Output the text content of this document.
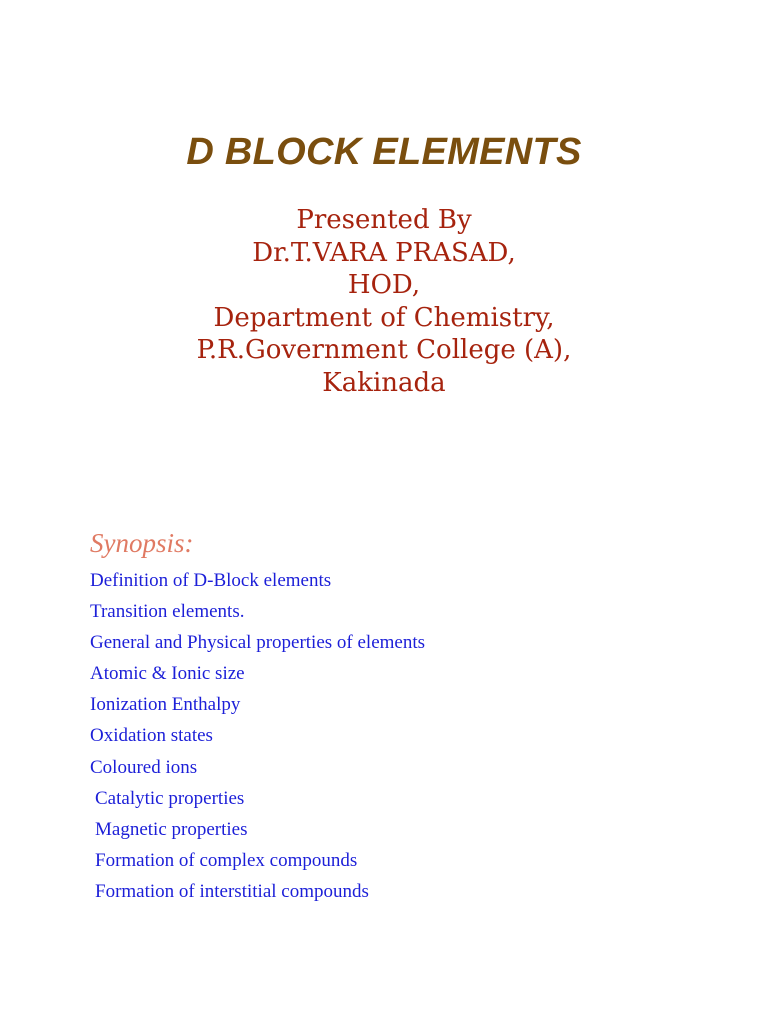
D BLOCK ELEMENTS
Presented By
Dr.T.VARA PRASAD,
HOD,
Department of Chemistry,
P.R.Government College (A),
Kakinada
Synopsis:
Definition of D-Block elements
Transition elements.
General and Physical properties of elements
Atomic & Ionic size
Ionization Enthalpy
Oxidation states
Coloured ions
Catalytic properties
Magnetic properties
Formation of complex compounds
Formation of interstitial compounds
